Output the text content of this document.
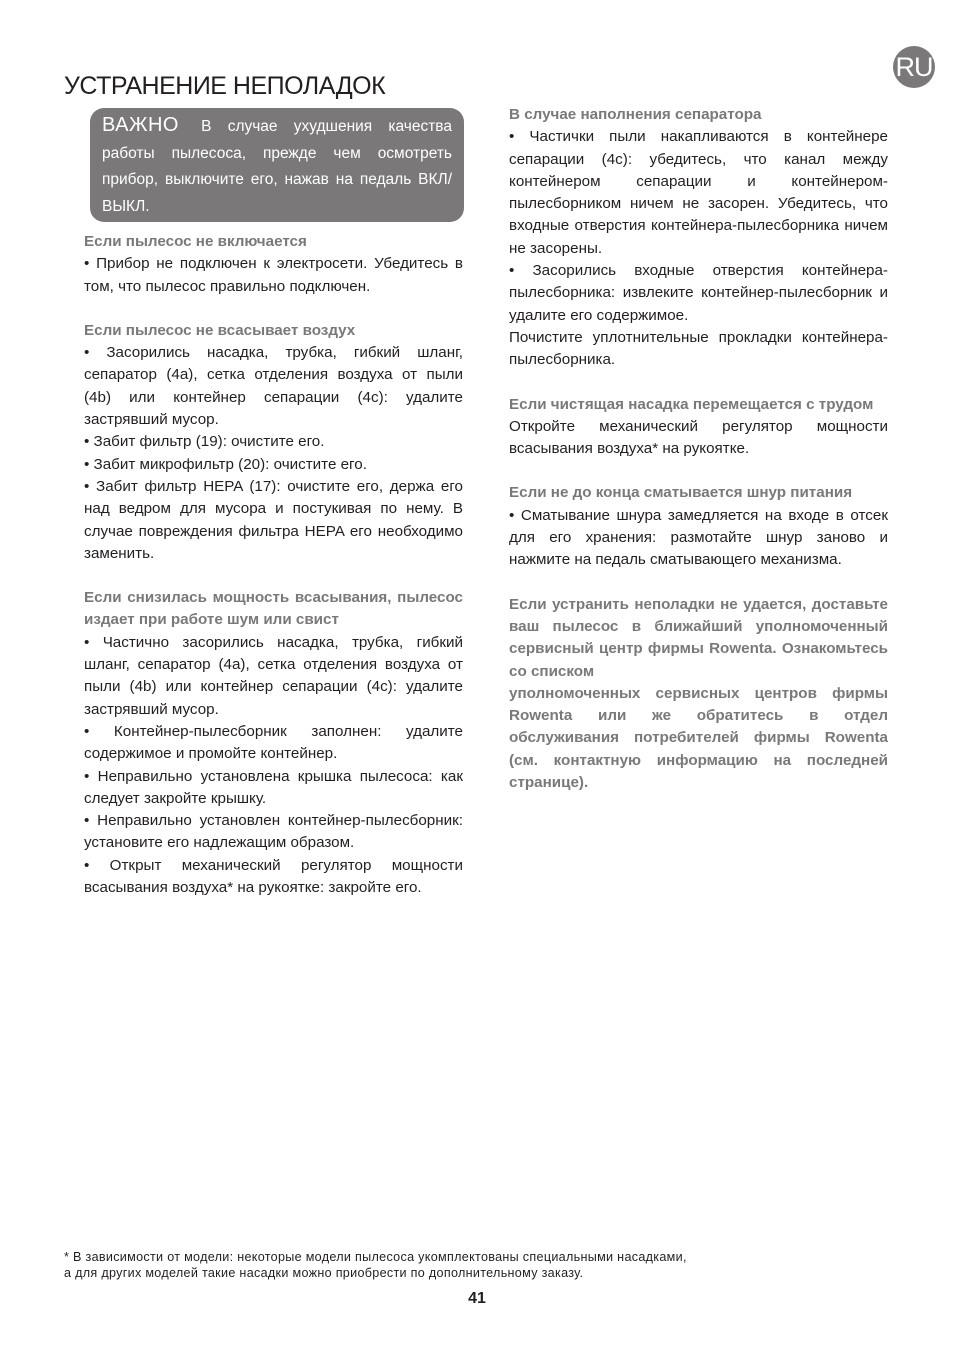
RU
УСТРАНЕНИЕ НЕПОЛАДОК
ВАЖНО В случае ухудшения качества работы пылесоса, прежде чем осмотреть прибор, выключите его, нажав на педаль ВКЛ/ВЫКЛ.

Если пылесос не включается

• Прибор не подключен к электросети. Убедитесь в том, что пылесос правильно подключен.

Если пылесос не всасывает воздух

• Засорились насадка, трубка, гибкий шланг, сепаратор (4a), сетка отделения воздуха от пыли (4b) или контейнер сепарации (4c): удалите застрявший мусор.

• Забит фильтр (19): очистите его.

• Забит микрофильтр (20): очистите его.

• Забит фильтр HEPA (17): очистите его, держа его над ведром для мусора и постукивая по нему. В случае повреждения фильтра HEPA его необходимо заменить.

Если снизилась мощность всасывания, пылесос издает при работе шум или свист

• Частично засорились насадка, трубка, гибкий шланг, сепаратор (4a), сетка отделения воздуха от пыли (4b) или контейнер сепарации (4c): удалите застрявший мусор.

• Контейнер-пылесборник заполнен: удалите содержимое и промойте контейнер.

• Неправильно установлена крышка пылесоса: как следует закройте крышку.

• Неправильно установлен контейнер-пылесборник: установите его надлежащим образом.

• Открыт механический регулятор мощности всасывания воздуха* на рукоятке: закройте его.

В случае наполнения сепаратора

• Частички пыли накапливаются в контейнере сепарации (4c): убедитесь, что канал между контейнером сепарации и контейнером-пылесборником ничем не засорен. Убедитесь, что входные отверстия контейнера-пылесборника ничем не засорены.

• Засорились входные отверстия контейнера-пылесборника: извлеките контейнер-пылесборник и удалите его содержимое.

Почистите уплотнительные прокладки контейнера-пылесборника.

Если чистящая насадка перемещается с трудом

Откройте механический регулятор мощности всасывания воздуха* на рукоятке.

Если не до конца сматывается шнур питания

• Сматывание шнура замедляется на входе в отсек для его хранения: размотайте шнур заново и нажмите на педаль сматывающего механизма.

Если устранить неполадки не удается, доставьте ваш пылесос в ближайший уполномоченный сервисный центр фирмы Rowenta. Ознакомьтесь со списком

уполномоченных сервисных центров фирмы Rowenta или же обратитесь в отдел обслуживания потребителей фирмы Rowenta (см. контактную информацию на последней странице).

* В зависимости от модели: некоторые модели пылесоса укомплектованы специальными насадками,

а для других моделей такие насадки можно приобрести по дополнительному заказу.

41
